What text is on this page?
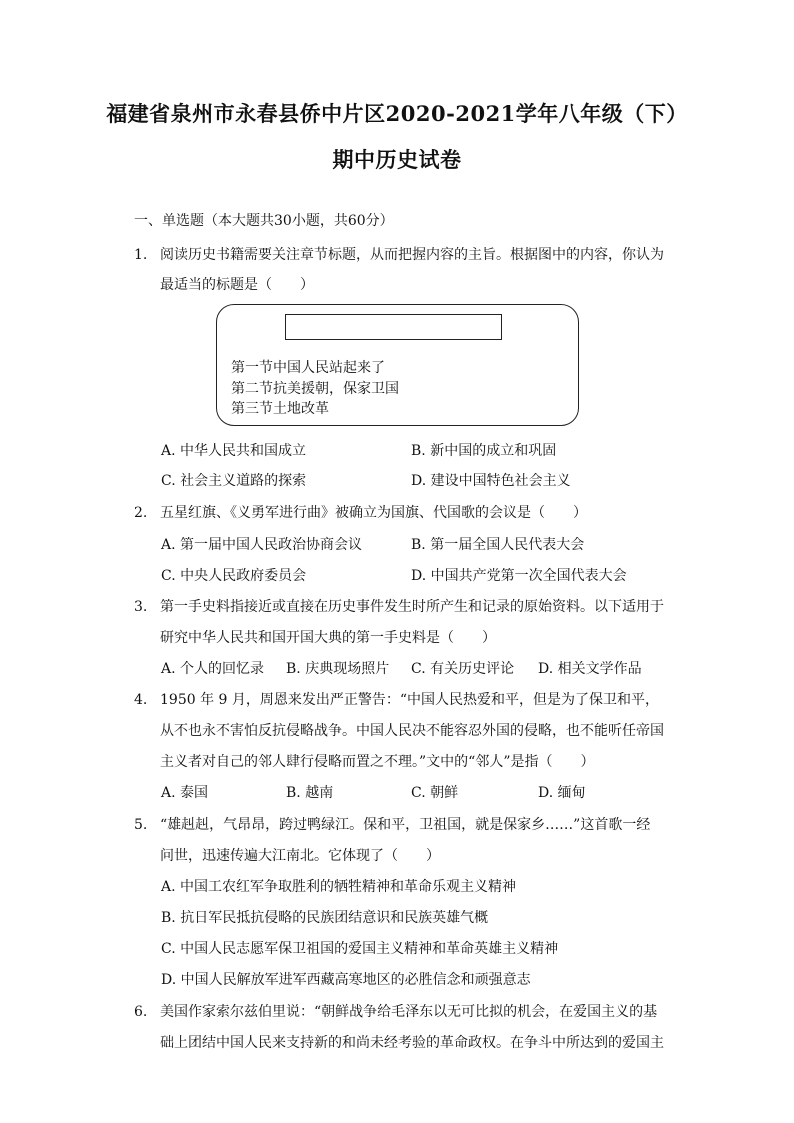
福建省泉州市永春县侨中片区2020-2021学年八年级（下）
期中历史试卷
一、单选题（本大题共30小题，共60分）
1. 阅读历史书籍需要关注章节标题，从而把握内容的主旨。根据图中的内容，你认为
最适当的标题是（　　）
第一节中国人民站起来了
第二节抗美援朝，保家卫国
第三节土地改革
A. 中华人民共和国成立	B. 新中国的成立和巩固
C. 社会主义道路的探索	D. 建设中国特色社会主义
2. 五星红旗、《义勇军进行曲》被确立为国旗、代国歌的会议是（　　）
A. 第一届中国人民政治协商会议	B. 第一届全国人民代表大会
C. 中央人民政府委员会	D. 中国共产党第一次全国代表大会
3. 第一手史料指接近或直接在历史事件发生时所产生和记录的原始资料。以下适用于
研究中华人民共和国开国大典的第一手史料是（　　）
A. 个人的回忆录 B. 庆典现场照片 C. 有关历史评论 D. 相关文学作品
4. 1950 年 9 月，周恩来发出严正警告：“中国人民热爱和平，但是为了保卫和平，
从不也永不害怕反抗侵略战争。中国人民决不能容忍外国的侵略，也不能听任帝国
主义者对自己的邻人肆行侵略而置之不理。”文中的“邻人”是指（　　）
A. 泰国	B. 越南	C. 朝鲜	D. 缅甸
5. “雄赳赳，气昂昂，跨过鸭绿江。保和平，卫祖国，就是保家乡……”这首歌一经
问世，迅速传遍大江南北。它体现了（　　）
A. 中国工农红军争取胜利的牺牲精神和革命乐观主义精神
B. 抗日军民抵抗侵略的民族团结意识和民族英雄气概
C. 中国人民志愿军保卫祖国的爱国主义精神和革命英雄主义精神
D. 中国人民解放军进军西藏高寒地区的必胜信念和顽强意志
6. 美国作家索尔兹伯里说：“朝鲜战争给毛泽东以无可比拟的机会，在爱国主义的基
础上团结中国人民来支持新的和尚未经考验的革命政权。在争斗中所达到的爱国主
